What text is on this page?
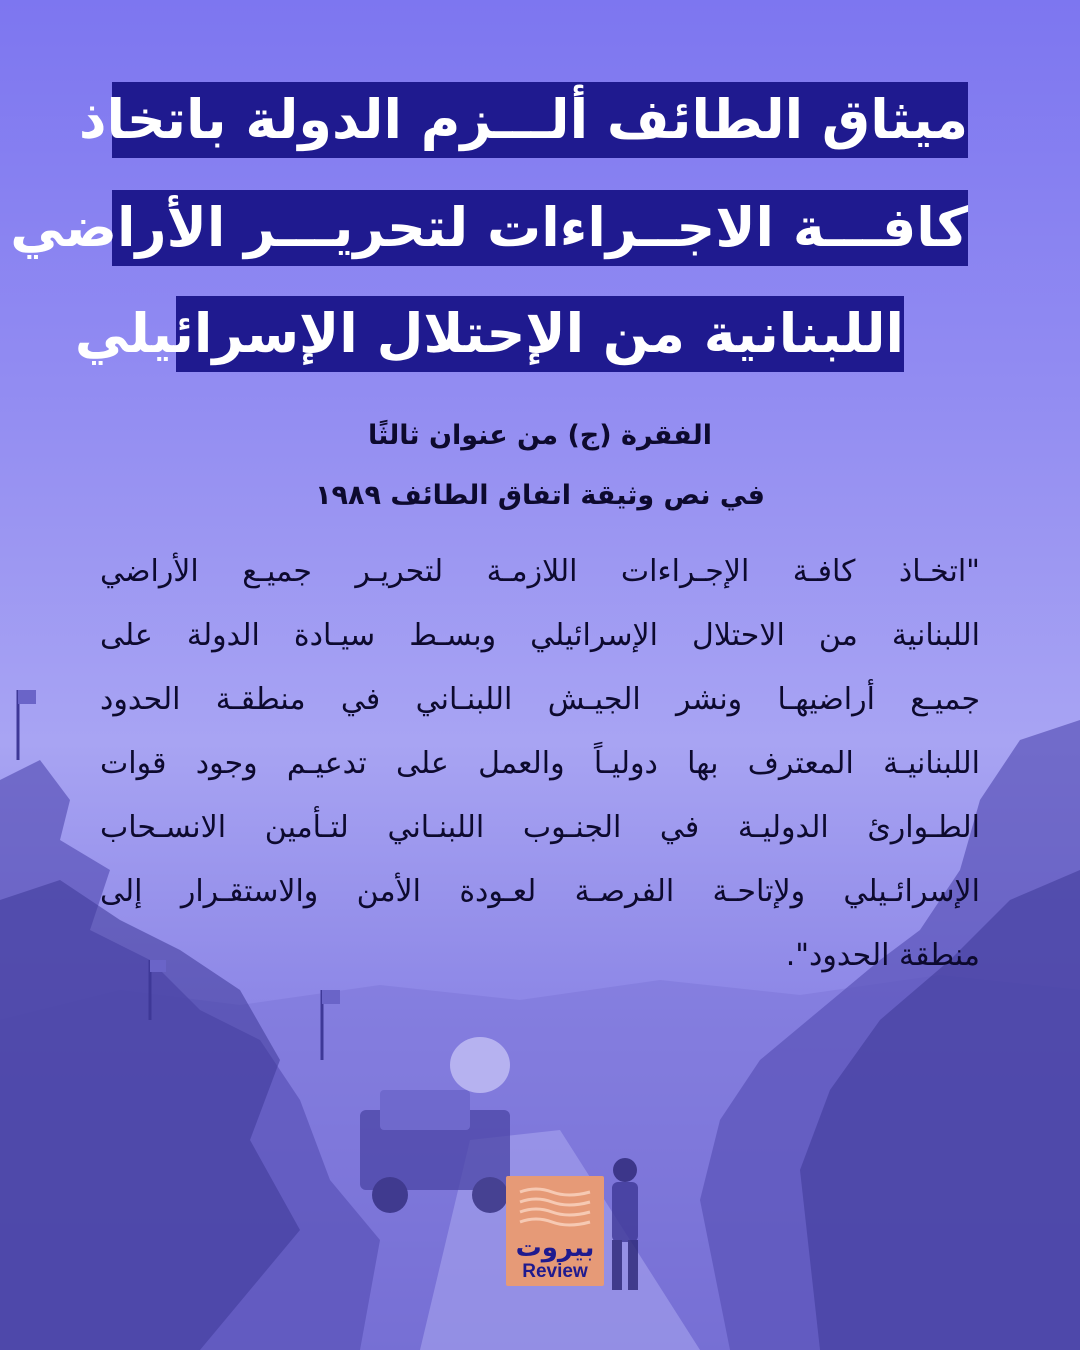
ميثاق الطائف ألـــزم الدولة باتخاذ
كافـــة الاجــراءات لتحريـــر الأراضي
اللبنانية من الإحتلال الإسرائيلي
الفقرة (ج) من عنوان ثالثًا
في نص وثيقة اتفاق الطائف ١٩٨٩
"اتخـاذ كافـة الإجـراءات اللازمـة لتحريـر جميـع الأراضي
اللبنانية من الاحتلال الإسرائيلي وبسـط سيـادة الدولة على
جميـع أراضيهـا ونشر الجيـش اللبنـاني في منطقـة الحدود
اللبنانيـة المعترف بها دوليـاً والعمل على تدعيـم وجود قوات
الطـوارئ الدوليـة في الجنـوب اللبنـاني لتـأمين الانسـحاب
الإسرائـيلي ولإتاحـة الفرصـة لعـودة الأمن والاستقـرار إلى
منطقة الحدود".
بيروت
Review
